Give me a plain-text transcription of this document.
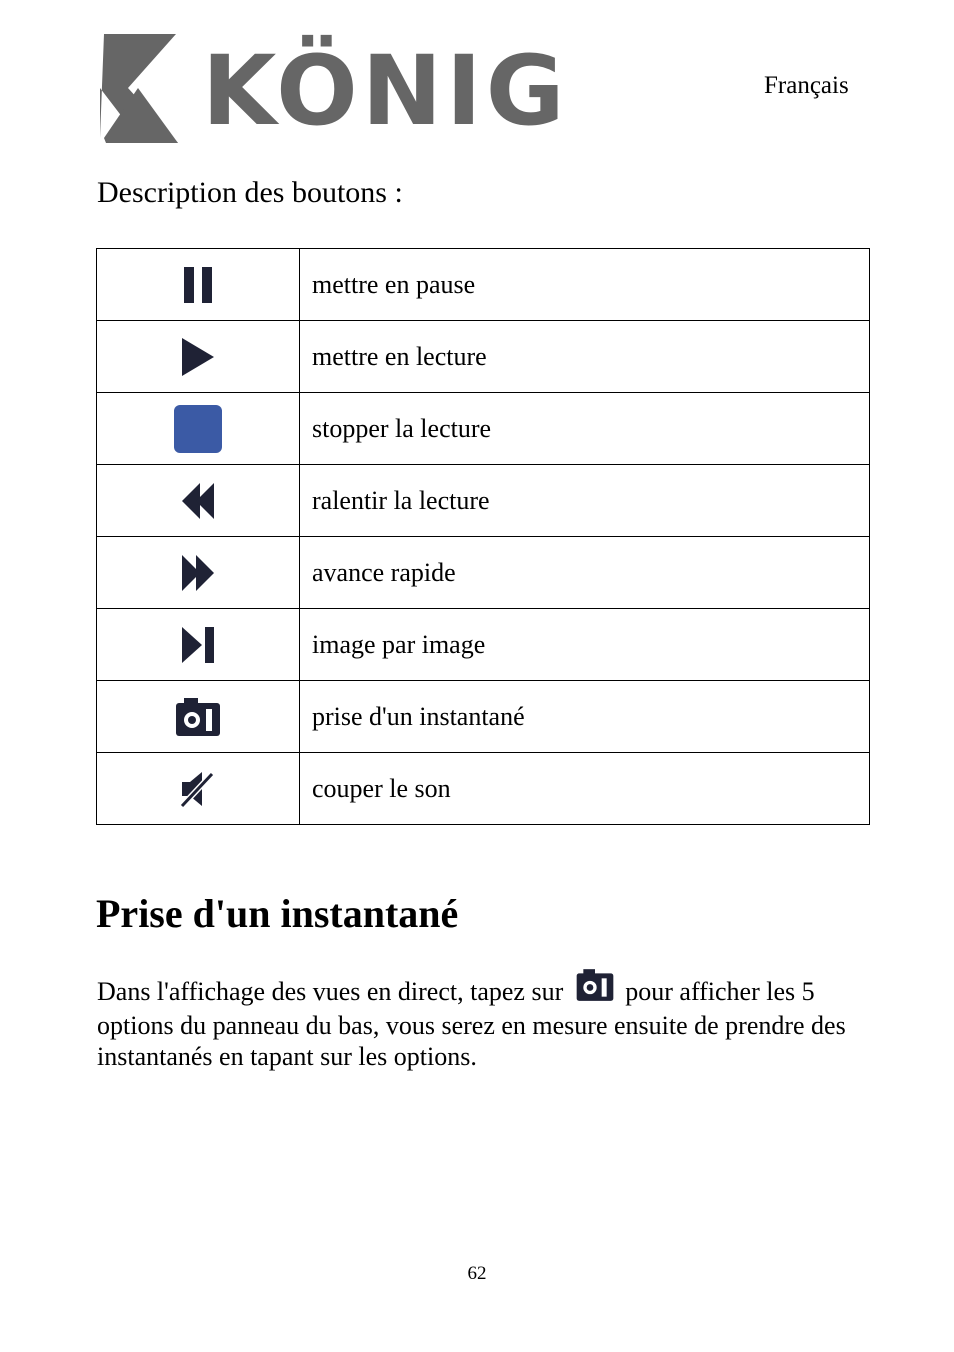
KÖNIG	Français
Description des boutons :
	mettre en pause
	mettre en lecture
	stopper la lecture
	ralentir la lecture
	avance rapide
	image par image
	prise d'un instantané
	couper le son
Prise d'un instantané
Dans l'affichage des vues en direct, tapez sur pour afficher les 5 options du panneau du bas, vous serez en mesure ensuite de prendre des instantanés en tapant sur les options.
62
